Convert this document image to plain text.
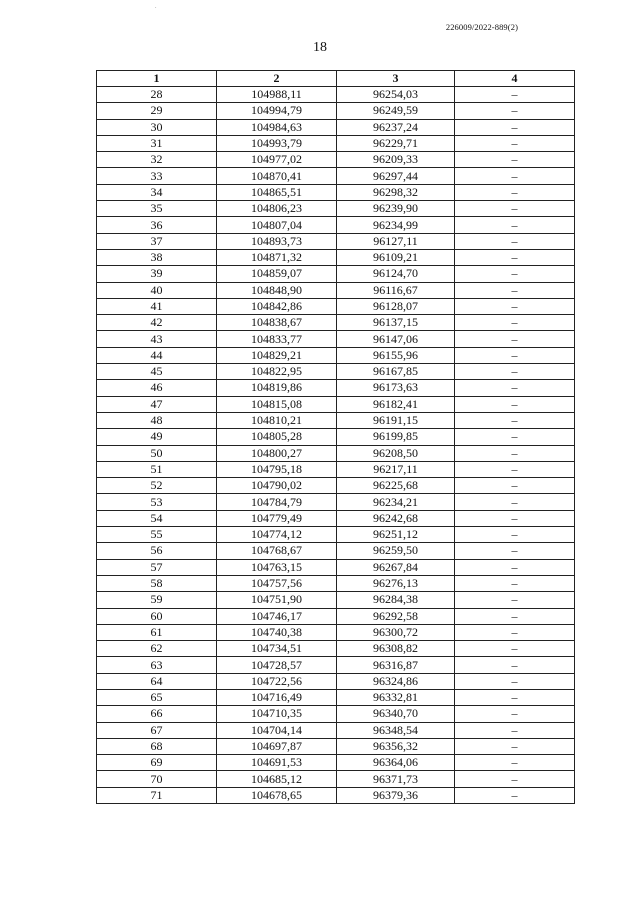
.
226009/2022-889(2)
18
1	2	3	4
28	104988,11	96254,03	–
29	104994,79	96249,59	–
30	104984,63	96237,24	–
31	104993,79	96229,71	–
32	104977,02	96209,33	–
33	104870,41	96297,44	–
34	104865,51	96298,32	–
35	104806,23	96239,90	–
36	104807,04	96234,99	–
37	104893,73	96127,11	–
38	104871,32	96109,21	–
39	104859,07	96124,70	–
40	104848,90	96116,67	–
41	104842,86	96128,07	–
42	104838,67	96137,15	–
43	104833,77	96147,06	–
44	104829,21	96155,96	–
45	104822,95	96167,85	–
46	104819,86	96173,63	–
47	104815,08	96182,41	–
48	104810,21	96191,15	–
49	104805,28	96199,85	–
50	104800,27	96208,50	–
51	104795,18	96217,11	–
52	104790,02	96225,68	–
53	104784,79	96234,21	–
54	104779,49	96242,68	–
55	104774,12	96251,12	–
56	104768,67	96259,50	–
57	104763,15	96267,84	–
58	104757,56	96276,13	–
59	104751,90	96284,38	–
60	104746,17	96292,58	–
61	104740,38	96300,72	–
62	104734,51	96308,82	–
63	104728,57	96316,87	–
64	104722,56	96324,86	–
65	104716,49	96332,81	–
66	104710,35	96340,70	–
67	104704,14	96348,54	–
68	104697,87	96356,32	–
69	104691,53	96364,06	–
70	104685,12	96371,73	–
71	104678,65	96379,36	–
